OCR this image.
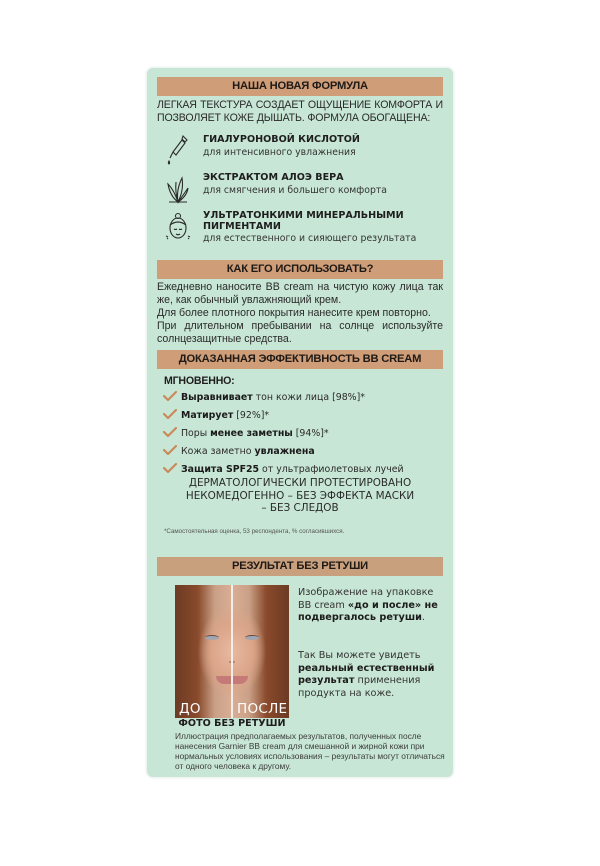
НАША НОВАЯ ФОРМУЛА
ЛЕГКАЯ ТЕКСТУРА СОЗДАЕТ ОЩУЩЕНИЕ КОМФОРТА И ПОЗВОЛЯЕТ КОЖЕ ДЫШАТЬ. ФОРМУЛА ОБОГАЩЕНА:
ГИАЛУРОНОВОЙ КИСЛОТОЙ
для интенсивного увлажнения
ЭКСТРАКТОМ АЛОЭ ВЕРА
для смягчения и большего комфорта
УЛЬТРАТОНКИМИ МИНЕРАЛЬНЫМИ
ПИГМЕНТАМИ
для естественного и сияющего результата
КАК ЕГО ИСПОЛЬЗОВАТЬ?
Ежедневно наносите BB cream на чистую кожу лица так же, как обычный увлажняющий крем.
Для более плотного покрытия нанесите крем повторно.
При длительном пребывании на солнце используйте солнцезащитные средства.
ДОКАЗАННАЯ ЭФФЕКТИВНОСТЬ BB CREAM
МГНОВЕННО:
Выравнивает тон кожи лица [98%]*
Матирует [92%]*
Поры менее заметны [94%]*
Кожа заметно увлажнена
Защита SPF25 от ультрафиолетовых лучей
ДЕРМАТОЛОГИЧЕСКИ ПРОТЕСТИРОВАНО
НЕКОМЕДОГЕННО – БЕЗ ЭФФЕКТА МАСКИ
– БЕЗ СЛЕДОВ
*Самостоятельная оценка, 53 респондента, % согласившихся.
РЕЗУЛЬТАТ БЕЗ РЕТУШИ
ДО	ПОСЛЕ
ФОТО БЕЗ РЕТУШИ
Изображение на упаковке BB cream «до и после» не подвергалось ретуши.
Так Вы можете увидеть реальный естественный результат применения продукта на коже.
Иллюстрация предполагаемых результатов, полученных после нанесения Garnier BB cream для смешанной и жирной кожи при нормальных условиях использования – результаты могут отличаться от одного человека к другому.
